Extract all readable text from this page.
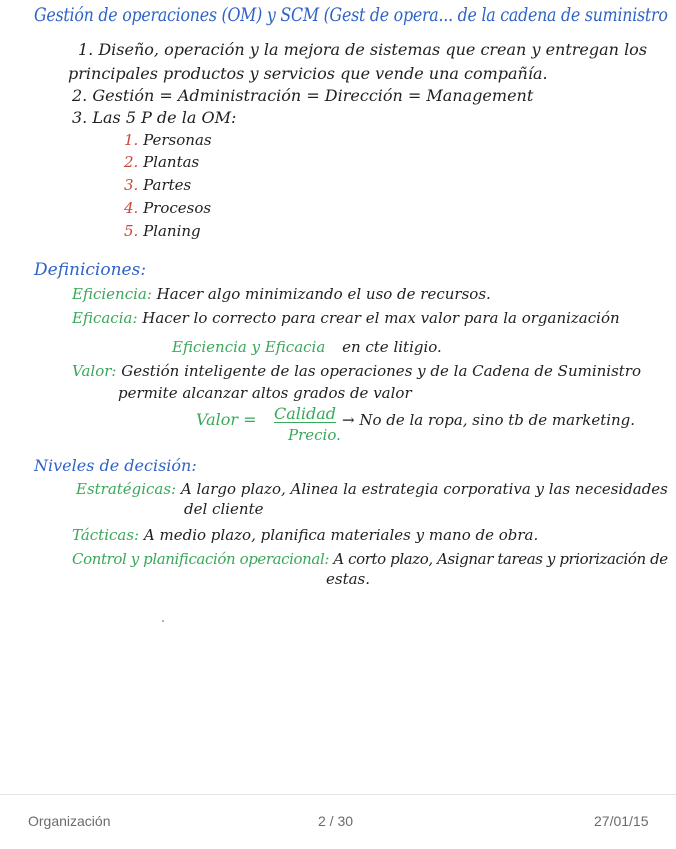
Gestión de operaciones (OM) y SCM (Gest de opera... de la cadena de suministro
1. Diseño, operación y la mejora de sistemas que crean y entregan los
principales productos y servicios que vende una compañía.
2. Gestión = Administración = Dirección = Management
3. Las 5 P de la OM:
1. Personas
2. Plantas
3. Partes
4. Procesos
5. Planing
Definiciones:
Eficiencia: Hacer algo minimizando el uso de recursos.
Eficacia: Hacer lo correcto para crear el max valor para la organización
Eficiencia y Eficacia en cte litigio.
Valor: Gestión inteligente de las operaciones y de la Cadena de Suministro
permite alcanzar altos grados de valor
Valor = Calidad
Precio.
→ No de la ropa, sino tb de marketing.
Niveles de decisión:
Estratégicas: A largo plazo, Alinea la estrategia corporativa y las necesidades
del cliente
Tácticas: A medio plazo, planifica materiales y mano de obra.
Control y planificación operacional: A corto plazo, Asignar tareas y priorización de
estas.
Organización	2 / 30	27/01/15
